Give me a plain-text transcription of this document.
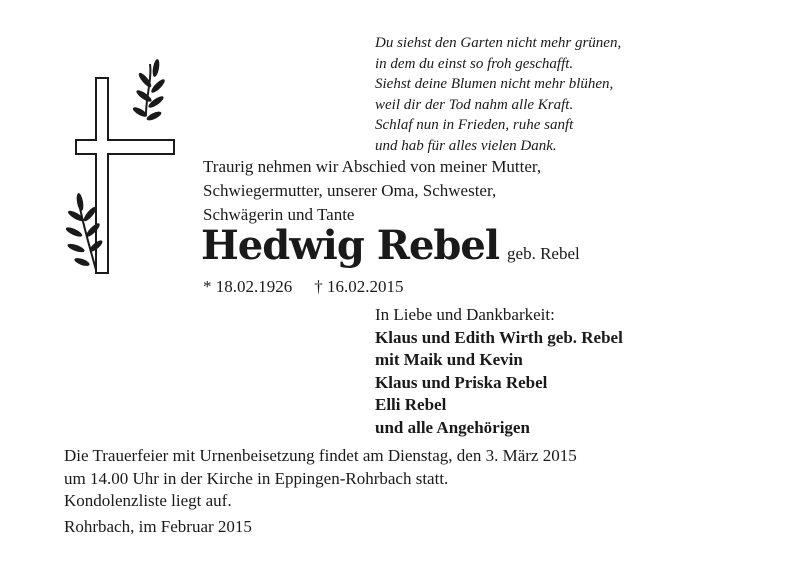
Du siehst den Garten nicht mehr grünen,
in dem du einst so froh geschafft.
Siehst deine Blumen nicht mehr blühen,
weil dir der Tod nahm alle Kraft.
Schlaf nun in Frieden, ruhe sanft
und hab für alles vielen Dank.
Traurig nehmen wir Abschied von meiner Mutter,
Schwiegermutter, unserer Oma, Schwester,
Schwägerin und Tante
Hedwig Rebel geb. Rebel
* 18.02.1926 † 16.02.2015
In Liebe und Dankbarkeit:
Klaus und Edith Wirth geb. Rebel
mit Maik und Kevin
Klaus und Priska Rebel
Elli Rebel
und alle Angehörigen
Die Trauerfeier mit Urnenbeisetzung findet am Dienstag, den 3. März 2015
um 14.00 Uhr in der Kirche in Eppingen-Rohrbach statt.
Kondolenzliste liegt auf.
Rohrbach, im Februar 2015
